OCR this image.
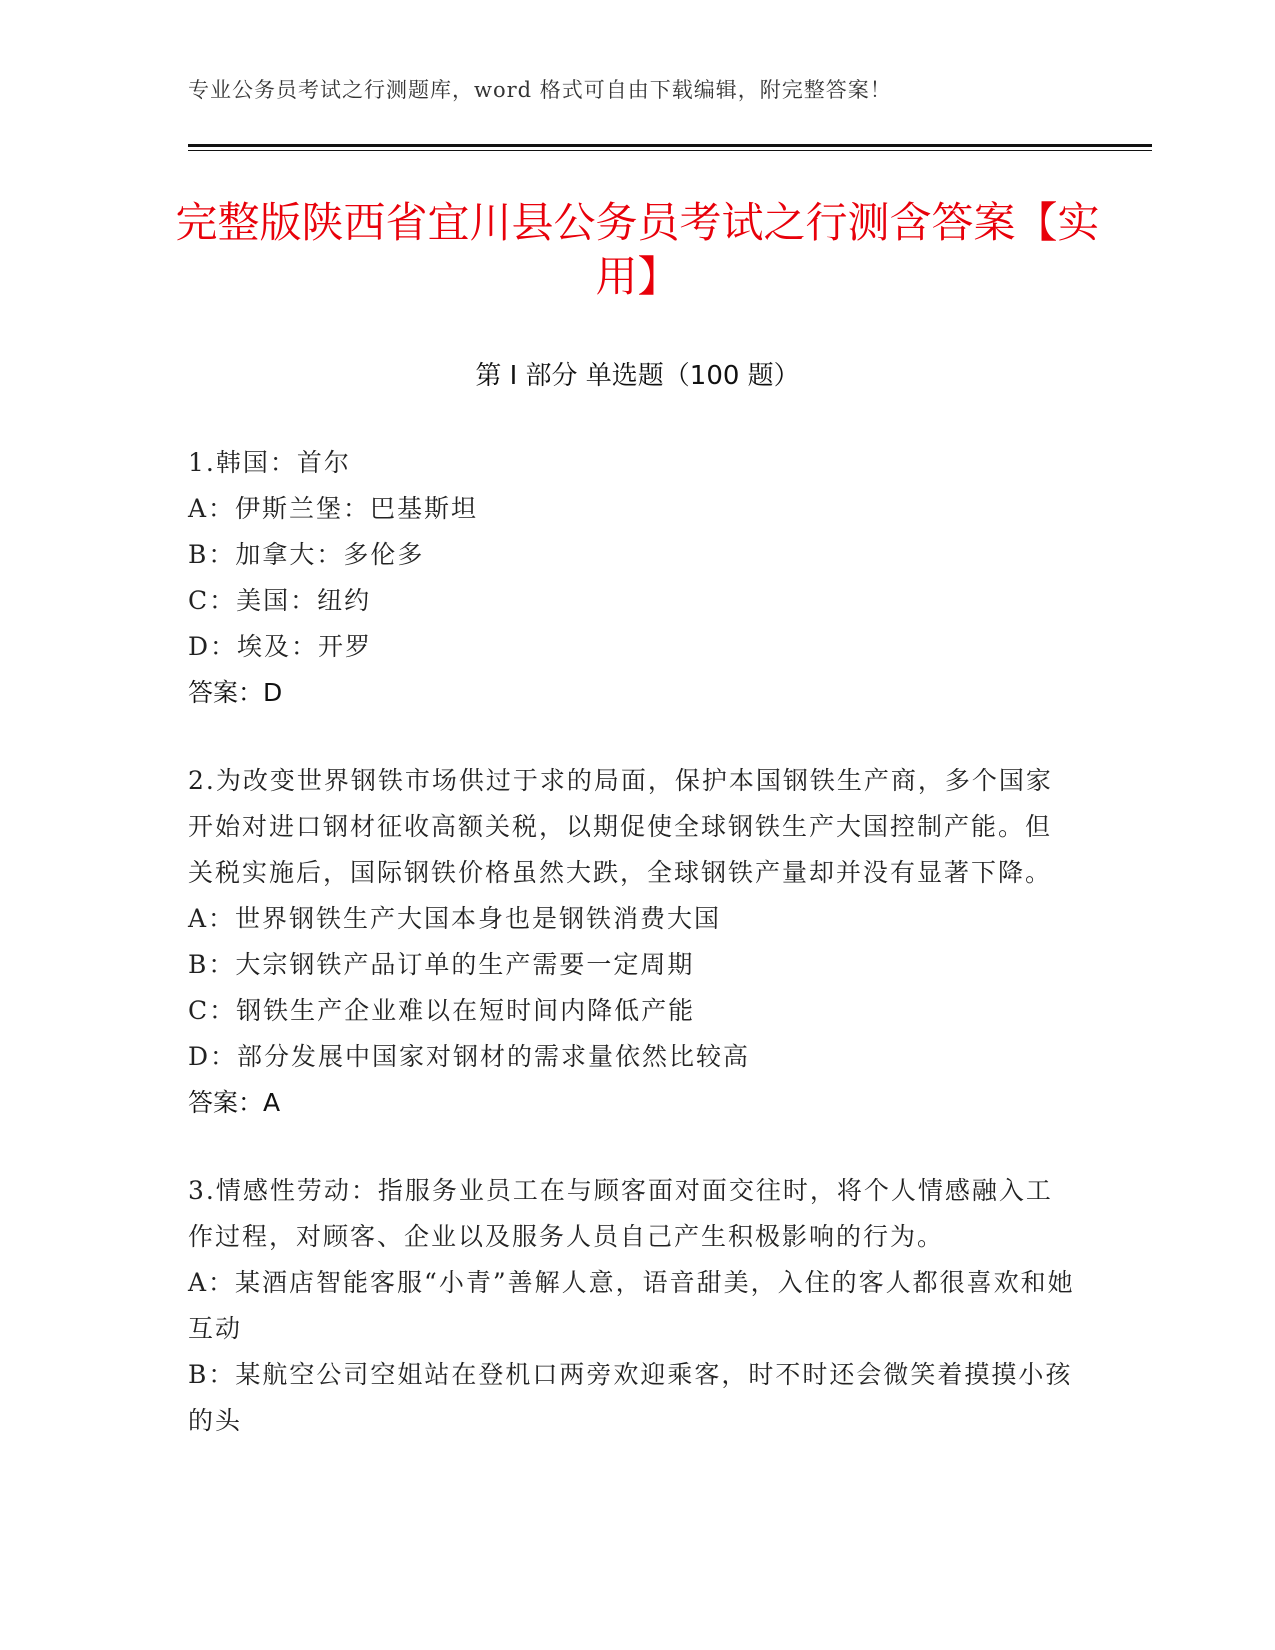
专业公务员考试之行测题库，word 格式可自由下载编辑，附完整答案！
完整版陕西省宜川县公务员考试之行测含答案【实用】
第 I 部分 单选题（100 题）

1.韩国：首尔

A：伊斯兰堡：巴基斯坦

B：加拿大：多伦多

C：美国：纽约

D：埃及：开罗

答案：D

2.为改变世界钢铁市场供过于求的局面，保护本国钢铁生产商，多个国家开始对进口钢材征收高额关税，以期促使全球钢铁生产大国控制产能。但关税实施后，国际钢铁价格虽然大跌，全球钢铁产量却并没有显著下降。

A：世界钢铁生产大国本身也是钢铁消费大国

B：大宗钢铁产品订单的生产需要一定周期

C：钢铁生产企业难以在短时间内降低产能

D：部分发展中国家对钢材的需求量依然比较高

答案：A

3.情感性劳动：指服务业员工在与顾客面对面交往时，将个人情感融入工作过程，对顾客、企业以及服务人员自己产生积极影响的行为。

A：某酒店智能客服“小青”善解人意，语音甜美，入住的客人都很喜欢和她互动

B：某航空公司空姐站在登机口两旁欢迎乘客，时不时还会微笑着摸摸小孩的头
